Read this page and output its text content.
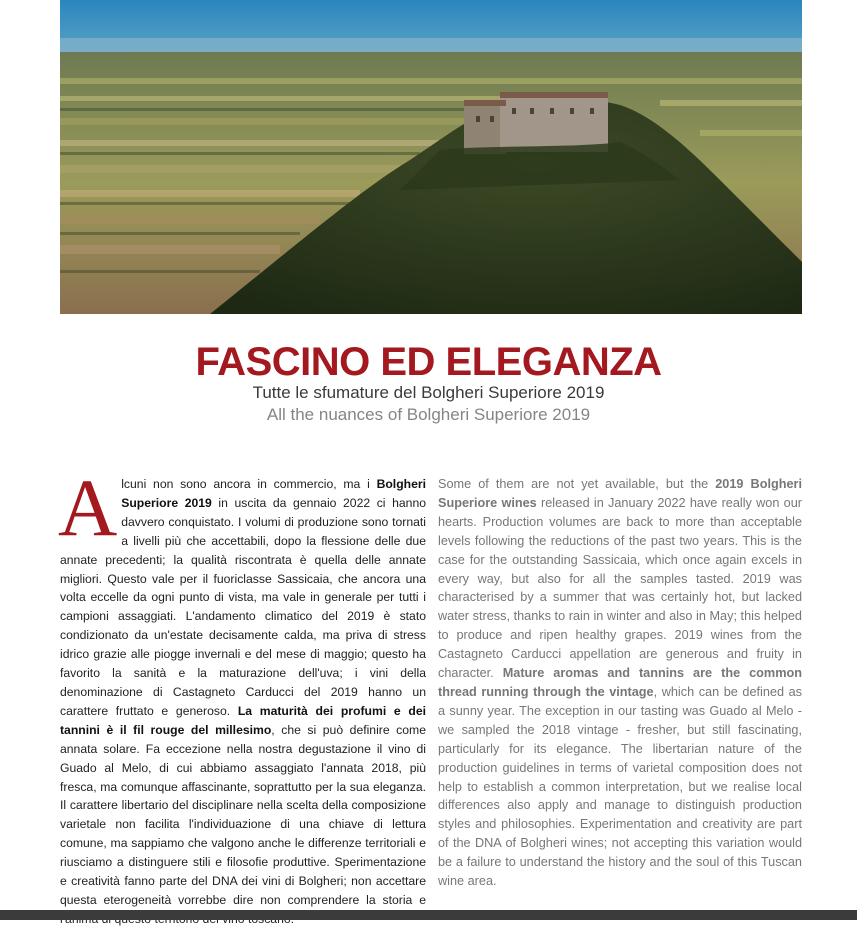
FASCINO ED ELEGANZA
Tutte le sfumature del Bolgheri Superiore 2019
All the nuances of Bolgheri Superiore 2019
Alcuni non sono ancora in commercio, ma i Bolgheri Superiore 2019 in uscita da gennaio 2022 ci hanno davvero conquistato. I volumi di produzione sono tornati a livelli più che accettabili, dopo la flessione delle due annate precedenti; la qualità riscontrata è quella delle annate migliori. Questo vale per il fuoriclasse Sassicaia, che ancora una volta eccelle da ogni punto di vista, ma vale in generale per tutti i campioni assaggiati. L'andamento climatico del 2019 è stato condizionato da un'estate decisamente calda, ma priva di stress idrico grazie alle piogge invernali e del mese di maggio; questo ha favorito la sanità e la maturazione dell'uva; i vini della denominazione di Castagneto Carducci del 2019 hanno un carattere fruttato e generoso. La maturità dei profumi e dei tannini è il fil rouge del millesimo, che si può definire come annata solare. Fa eccezione nella nostra degustazione il vino di Guado al Melo, di cui abbiamo assaggiato l'annata 2018, più fresca, ma comunque affascinante, soprattutto per la sua eleganza. Il carattere libertario del disciplinare nella scelta della composizione varietale non facilita l'individuazione di una chiave di lettura comune, ma sappiamo che valgono anche le differenze territoriali e riusciamo a distinguere stili e filosofie produttive. Sperimentazione e creatività fanno parte del DNA dei vini di Bolgheri; non accettare questa eterogeneità vorrebbe dire non comprendere la storia e
Some of them are not yet available, but the 2019 Bolgheri Superiore wines released in January 2022 have really won our hearts. Production volumes are back to more than acceptable levels following the reductions of the past two years. This is the case for the outstanding Sassicaia, which once again excels in every way, but also for all the samples tasted. 2019 was characterised by a summer that was certainly hot, but lacked water stress, thanks to rain in winter and also in May; this helped to produce and ripen healthy grapes. 2019 wines from the Castagneto Carducci appellation are generous and fruity in character. Mature aromas and tannins are the common thread running through the vintage, which can be defined as a sunny year. The exception in our tasting was Guado al Melo - we sampled the 2018 vintage - fresher, but still fascinating, particularly for its elegance. The libertarian nature of the production guidelines in terms of varietal composition does not help to establish a common interpretation, but we realise local differences also apply and manage to distinguish production styles and philosophies. Experimentation and creativity are part of the DNA of Bolgheri wines; not accepting this variation would be a failure to understand the history and the soul of this Tuscan wine area.
